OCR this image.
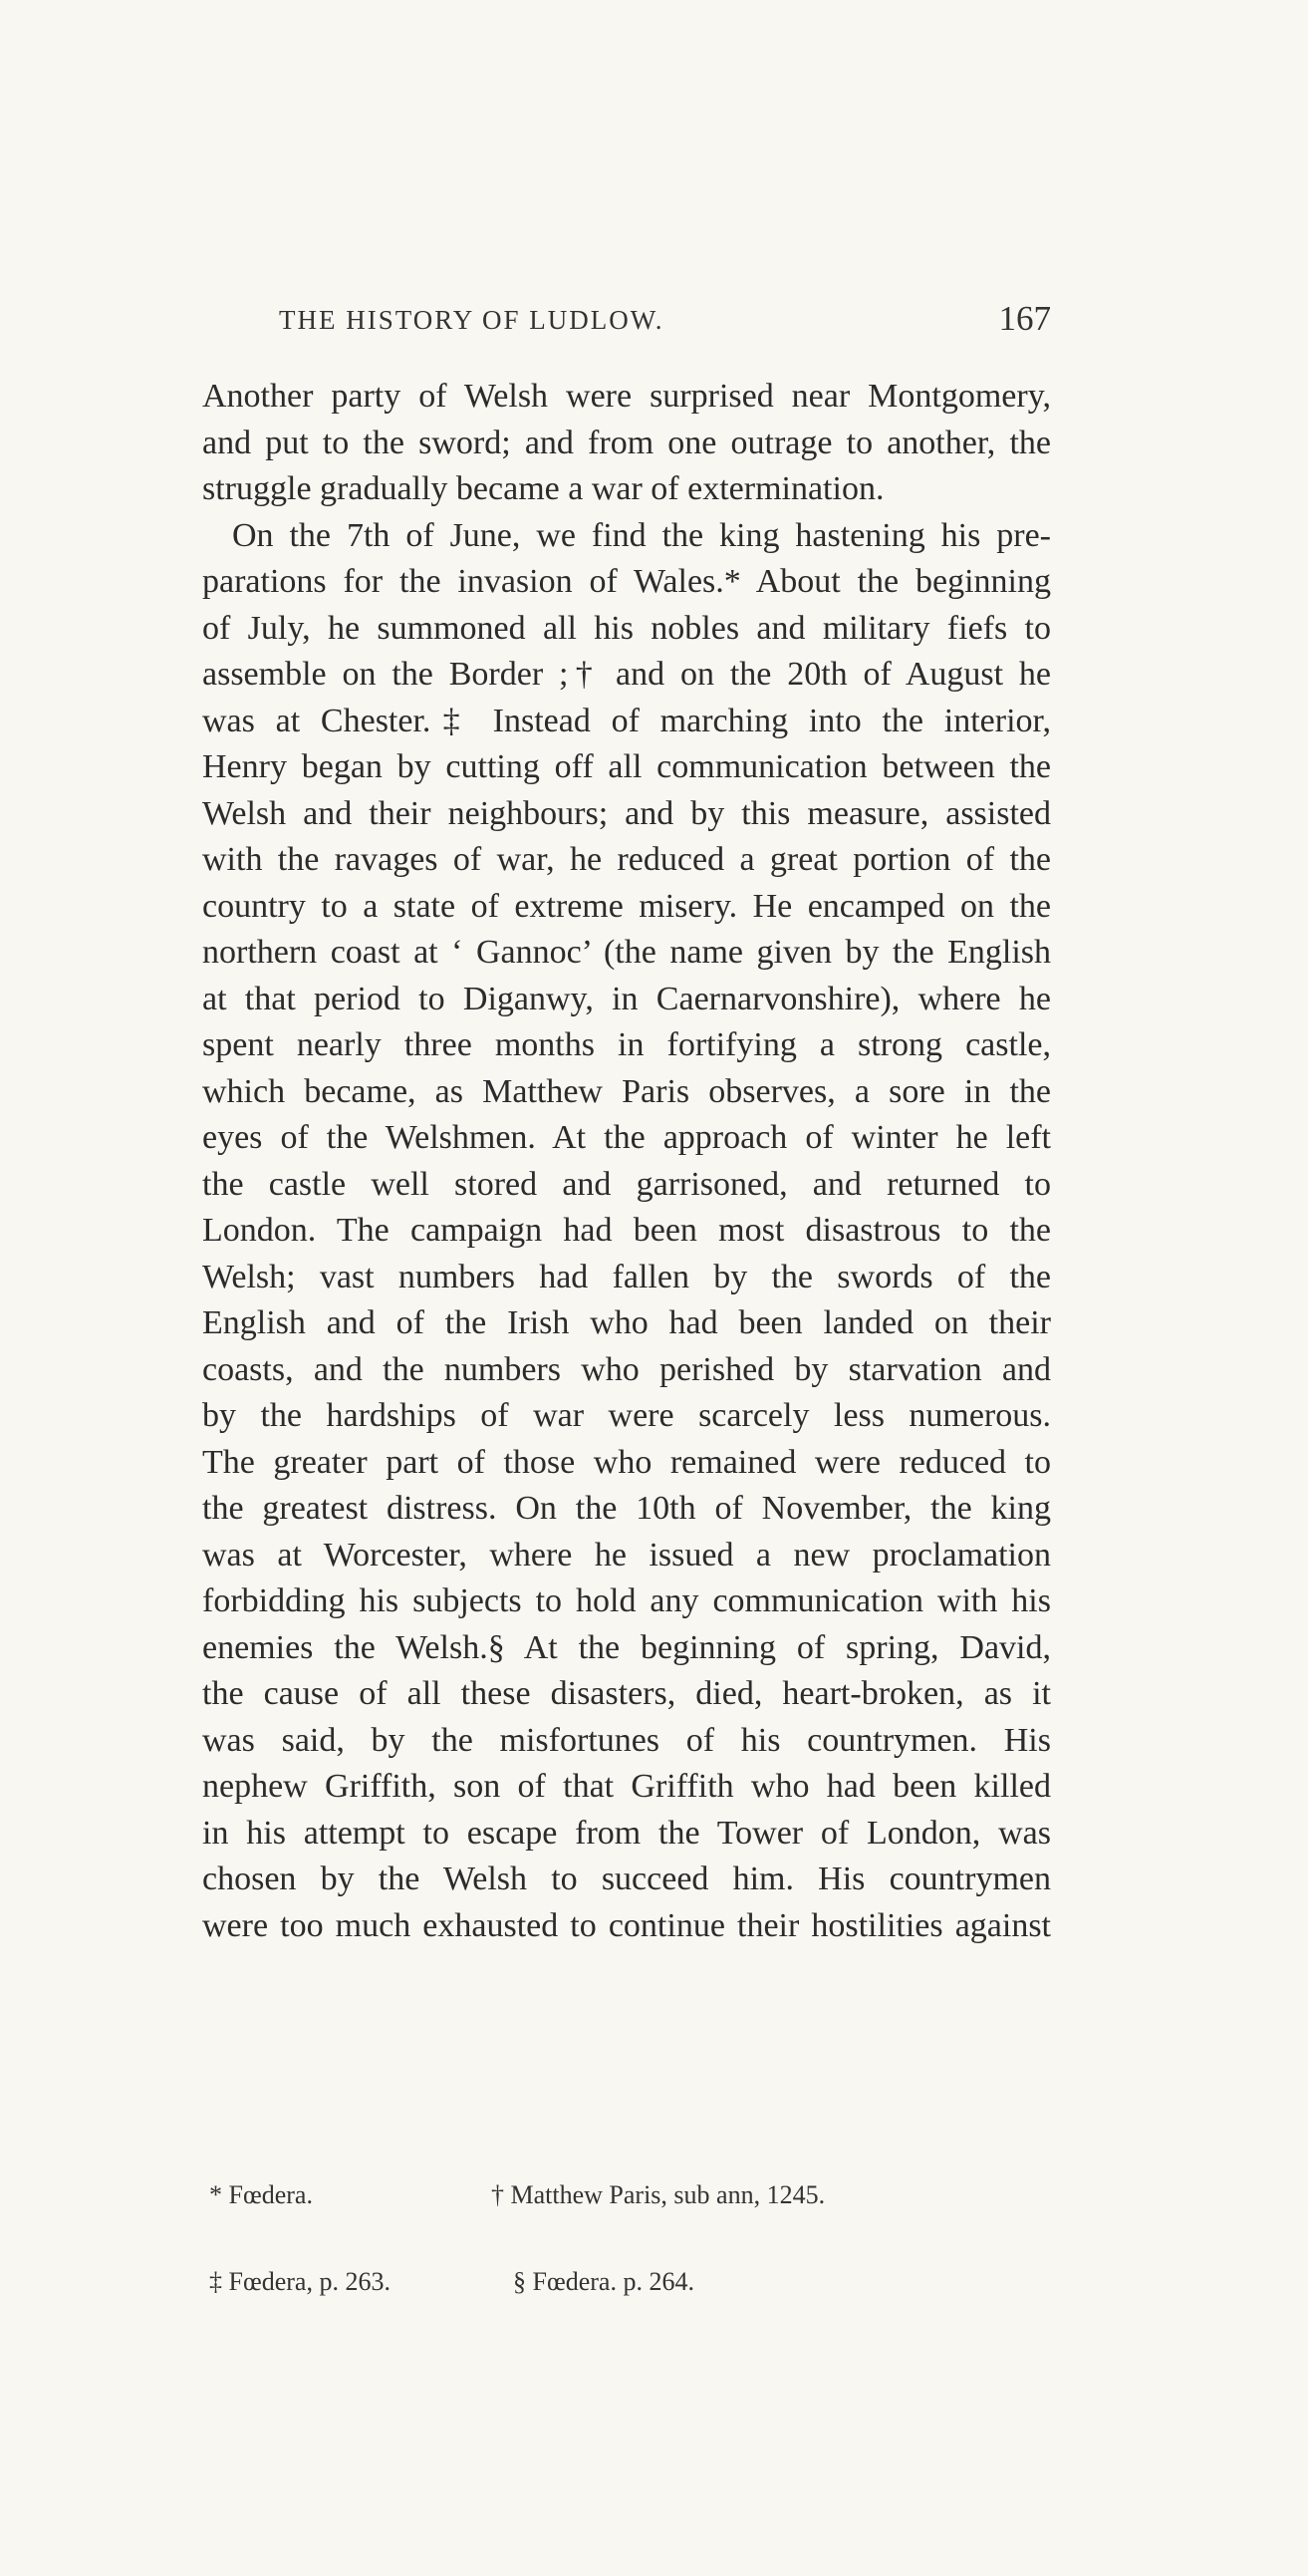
THE HISTORY OF LUDLOW.	167
Another party of Welsh were surprised near Montgomery,
and put to the sword; and from one outrage to another, the
struggle gradually became a war of extermination.
On the 7th of June, we find the king hastening his pre-
parations for the invasion of Wales.* About the beginning
of July, he summoned all his nobles and military fiefs to
assemble on the Border ;† and on the 20th of August he
was at Chester.‡ Instead of marching into the interior,
Henry began by cutting off all communication between the
Welsh and their neighbours; and by this measure, assisted
with the ravages of war, he reduced a great portion of the
country to a state of extreme misery. He encamped on the
northern coast at ‘ Gannoc’ (the name given by the English
at that period to Diganwy, in Caernarvonshire), where he
spent nearly three months in fortifying a strong castle,
which became, as Matthew Paris observes, a sore in the
eyes of the Welshmen. At the approach of winter he left
the castle well stored and garrisoned, and returned to
London. The campaign had been most disastrous to the
Welsh; vast numbers had fallen by the swords of the
English and of the Irish who had been landed on their
coasts, and the numbers who perished by starvation and
by the hardships of war were scarcely less numerous.
The greater part of those who remained were reduced to
the greatest distress. On the 10th of November, the king
was at Worcester, where he issued a new proclamation
forbidding his subjects to hold any communication with his
enemies the Welsh.§ At the beginning of spring, David,
the cause of all these disasters, died, heart-broken, as it
was said, by the misfortunes of his countrymen. His
nephew Griffith, son of that Griffith who had been killed
in his attempt to escape from the Tower of London, was
chosen by the Welsh to succeed him. His countrymen
were too much exhausted to continue their hostilities against
* Fœdera.	† Matthew Paris, sub ann, 1245.
‡ Fœdera, p. 263.	§ Fœdera. p. 264.
